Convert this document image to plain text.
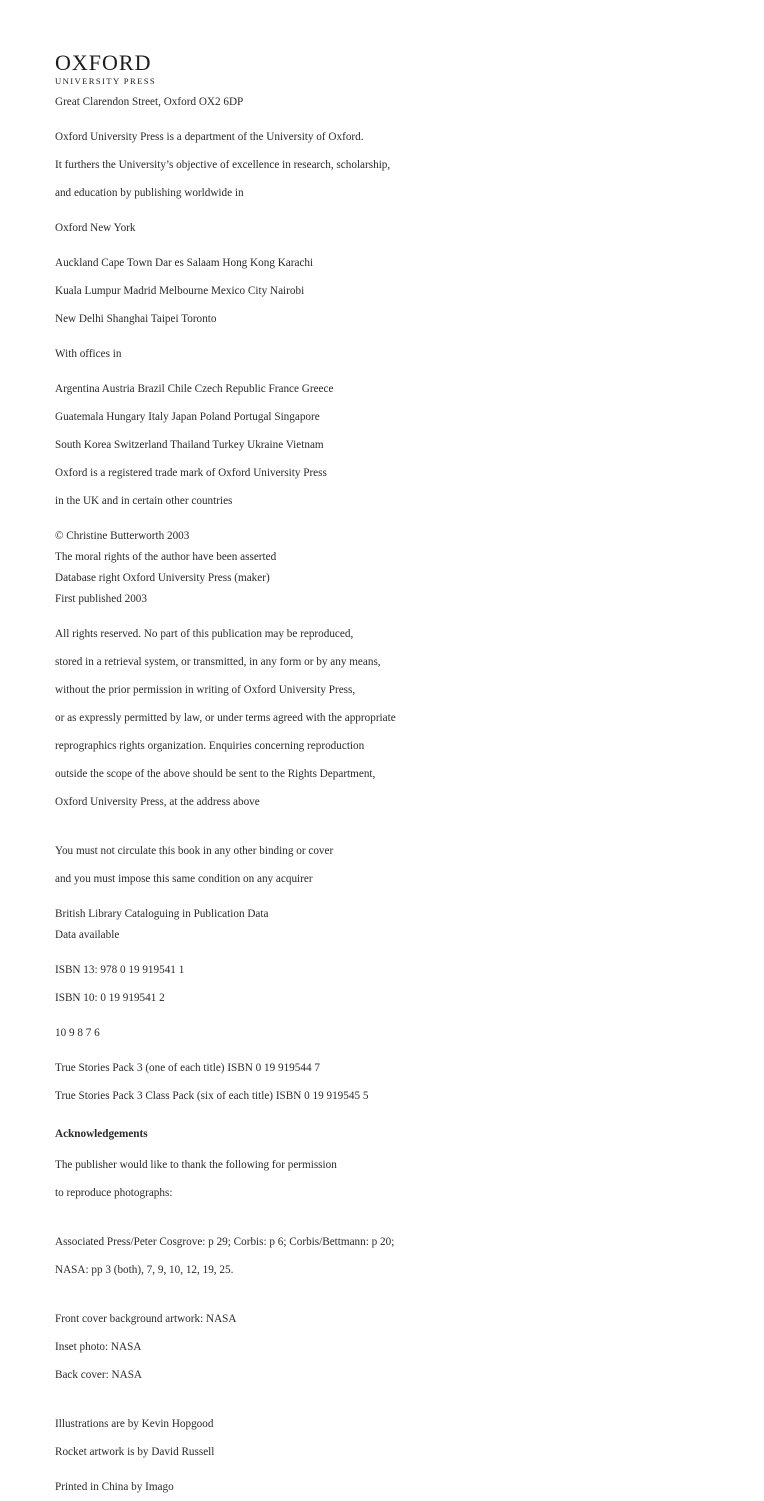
OXFORD
UNIVERSITY PRESS
Great Clarendon Street, Oxford OX2 6DP

Oxford University Press is a department of the University of Oxford.

It furthers the University’s objective of excellence in research, scholarship,

and education by publishing worldwide in

Oxford New York

Auckland Cape Town Dar es Salaam Hong Kong Karachi

Kuala Lumpur Madrid Melbourne Mexico City Nairobi

New Delhi Shanghai Taipei Toronto

With offices in

Argentina Austria Brazil Chile Czech Republic France Greece

Guatemala Hungary Italy Japan Poland Portugal Singapore

South Korea Switzerland Thailand Turkey Ukraine Vietnam

Oxford is a registered trade mark of Oxford University Press

in the UK and in certain other countries

© Christine Butterworth 2003
The moral rights of the author have been asserted
Database right Oxford University Press (maker)
First published 2003

All rights reserved. No part of this publication may be reproduced,

stored in a retrieval system, or transmitted, in any form or by any means,

without the prior permission in writing of Oxford University Press,

or as expressly permitted by law, or under terms agreed with the appropriate

reprographics rights organization. Enquiries concerning reproduction

outside the scope of the above should be sent to the Rights Department,

Oxford University Press, at the address above

You must not circulate this book in any other binding or cover

and you must impose this same condition on any acquirer

British Library Cataloguing in Publication Data
Data available

ISBN 13: 978 0 19 919541 1

ISBN 10: 0 19 919541 2

10 9 8 7 6

True Stories Pack 3 (one of each title) ISBN 0 19 919544 7

True Stories Pack 3 Class Pack (six of each title) ISBN 0 19 919545 5

Acknowledgements

The publisher would like to thank the following for permission

to reproduce photographs:

Associated Press/Peter Cosgrove: p 29; Corbis: p 6; Corbis/Bettmann: p 20;

NASA: pp 3 (both), 7, 9, 10, 12, 19, 25.

Front cover background artwork: NASA

Inset photo: NASA

Back cover: NASA

Illustrations are by Kevin Hopgood

Rocket artwork is by David Russell

Printed in China by Imago
